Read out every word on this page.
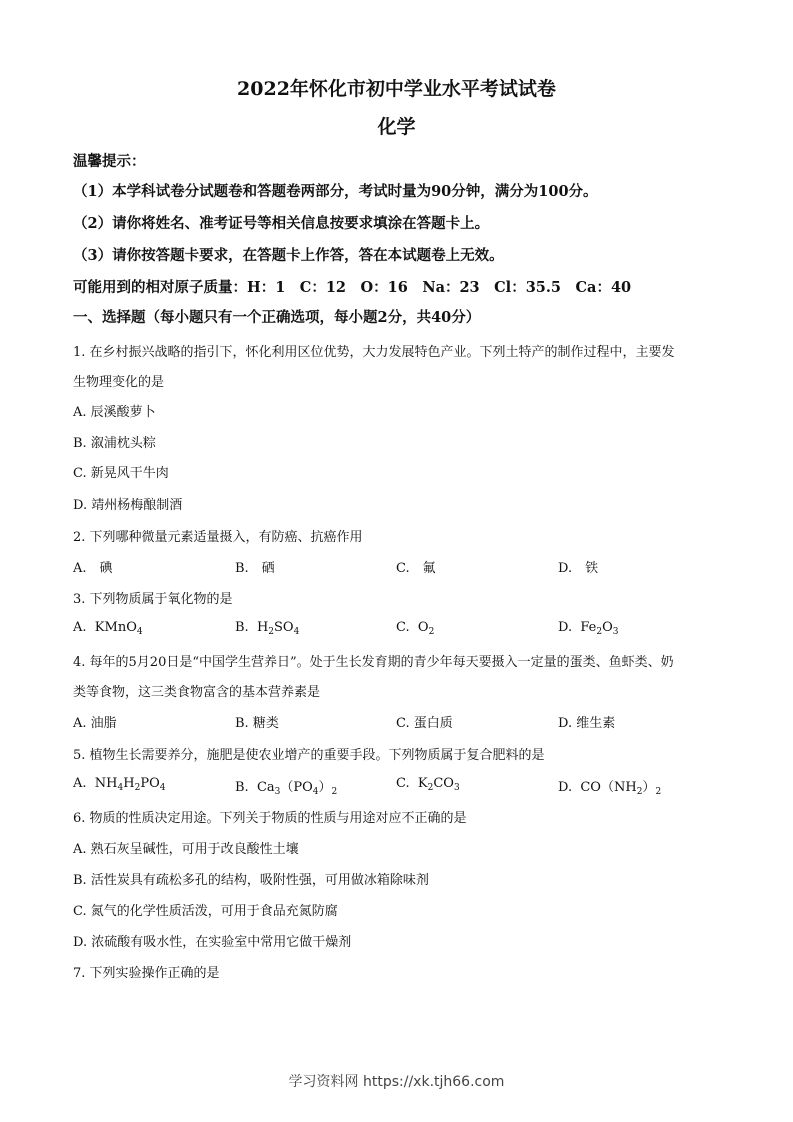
2022年怀化市初中学业水平考试试卷
化学
温馨提示：
（1）本学科试卷分试题卷和答题卷两部分，考试时量为90分钟，满分为100分。
（2）请你将姓名、准考证号等相关信息按要求填涂在答题卡上。
（3）请你按答题卡要求，在答题卡上作答，答在本试题卷上无效。
可能用到的相对原子质量：H：1　C：12　O：16　Na：23　Cl：35.5　Ca：40
一、选择题（每小题只有一个正确选项，每小题2分，共40分）
1. 在乡村振兴战略的指引下，怀化利用区位优势，大力发展特色产业。下列土特产的制作过程中，主要发
生物理变化的是
A. 辰溪酸萝卜
B. 溆浦枕头粽
C. 新晃风干牛肉
D. 靖州杨梅酿制酒
2. 下列哪种微量元素适量摄入，有防癌、抗癌作用
A.　碘	B.　硒	C.　氟	D.　铁
3. 下列物质属于氧化物的是
A. KMnO$_4$	B. $H_2SO_4$	C. $O_2$	D. $Fe_2O_3$
4. 每年的5月20日是“中国学生营养日”。处于生长发育期的青少年每天要摄入一定量的蛋类、鱼虾类、奶
类等食物，这三类食物富含的基本营养素是
A. 油脂	B. 糖类	C. 蛋白质	D. 维生素
5. 植物生长需要养分，施肥是使农业增产的重要手段。下列物质属于复合肥料的是
A. $NH_4H_2PO_4$	B. $Ca_3(PO_4)_2$
C. $K_2CO_3$	D. $CO(NH_2)_2$
6. 物质的性质决定用途。下列关于物质的性质与用途对应不正确的是
A. 熟石灰呈碱性，可用于改良酸性土壤
B. 活性炭具有疏松多孔的结构，吸附性强，可用做冰箱除味剂
C. 氮气的化学性质活泼，可用于食品充氮防腐
D. 浓硫酸有吸水性，在实验室中常用它做干燥剂
7. 下列实验操作正确的是
学习资料网 https://xk.tjh66.com
